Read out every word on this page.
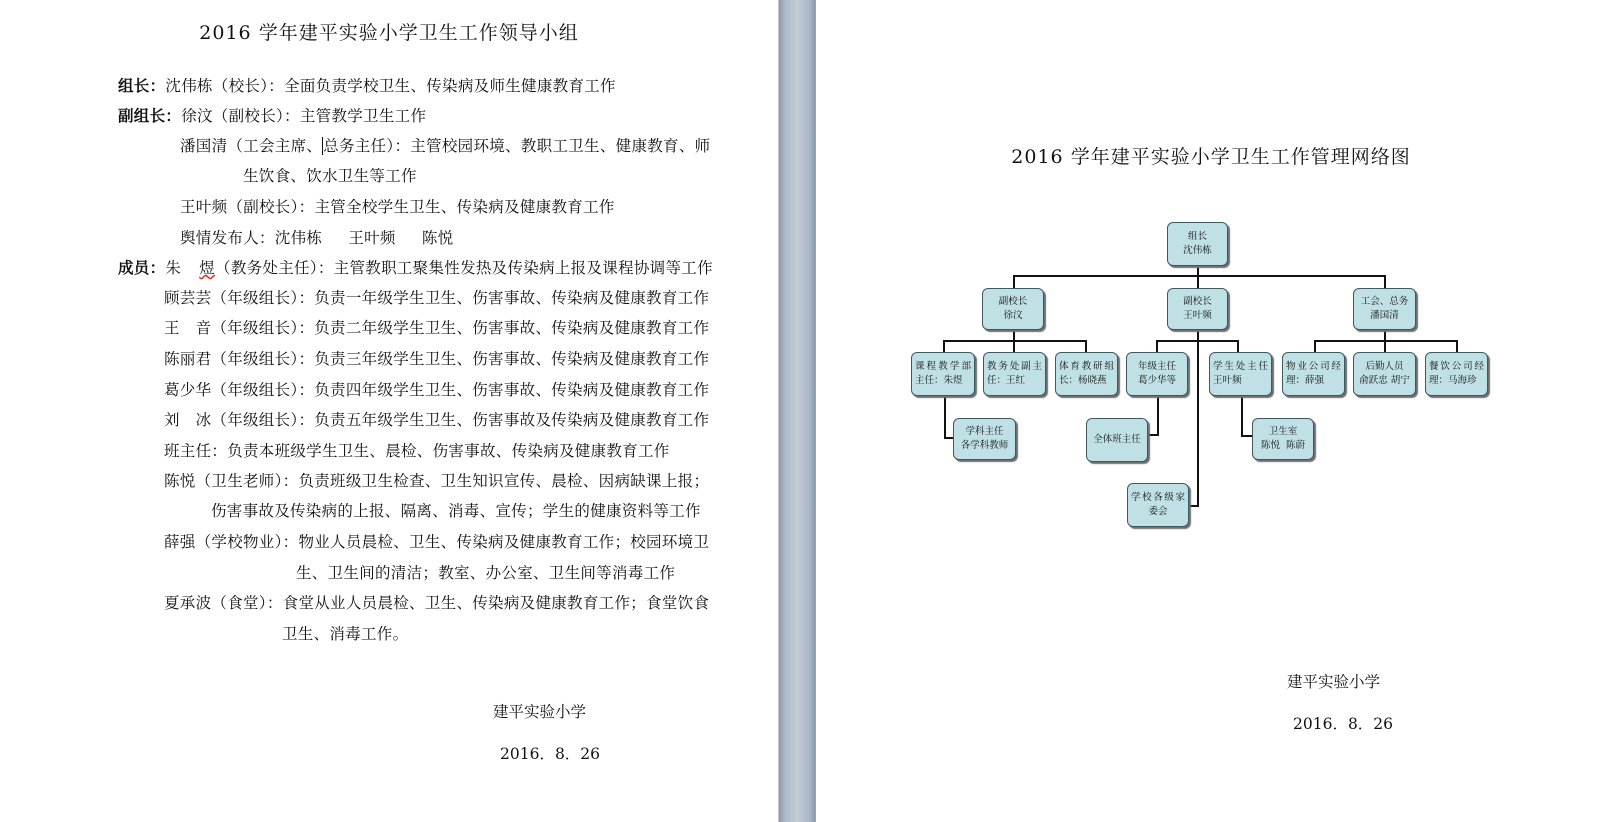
2016 学年建平实验小学卫生工作领导小组
组长：沈伟栋（校长）：全面负责学校卫生、传染病及师生健康教育工作
副组长：徐汶（副校长）：主管教学卫生工作
潘国清（工会主席、总务主任）：主管校园环境、教职工卫生、健康教育、师
生饮食、饮水卫生等工作
王叶频（副校长）：主管全校学生卫生、传染病及健康教育工作
舆情发布人：沈伟栋     王叶频     陈悦
成员：朱 煜（教务处主任）：主管教职工聚集性发热及传染病上报及课程协调等工作
顾芸芸（年级组长）：负责一年级学生卫生、伤害事故、传染病及健康教育工作
王　音（年级组长）：负责二年级学生卫生、伤害事故、传染病及健康教育工作
陈丽君（年级组长）：负责三年级学生卫生、伤害事故、传染病及健康教育工作
葛少华（年级组长）：负责四年级学生卫生、伤害事故、传染病及健康教育工作
刘　冰（年级组长）：负责五年级学生卫生、伤害事故及传染病及健康教育工作
班主任：负责本班级学生卫生、晨检、伤害事故、传染病及健康教育工作
陈悦（卫生老师）：负责班级卫生检查、卫生知识宣传、晨检、因病缺课上报；
伤害事故及传染病的上报、隔离、消毒、宣传；学生的健康资料等工作
薛强（学校物业）：物业人员晨检、卫生、传染病及健康教育工作；校园环境卫
生、卫生间的清洁；教室、办公室、卫生间等消毒工作
夏承波（食堂）：食堂从业人员晨检、卫生、传染病及健康教育工作；食堂饮食
卫生、消毒工作。
建平实验小学
2016．8．26
2016 学年建平实验小学卫生工作管理网络图
组长
沈伟栋
副校长
徐汶
副校长
王叶频
工会、总务
潘国清
课程教学部
主任：朱煜
教务处副主
任：王红
体育教研组
长：杨晓燕
年级主任
葛少华等
学生处主任
王叶频
物业公司经
理：薛强
后勤人员
俞跃忠 胡宁
餐饮公司经
理：马海珍
学科主任
各学科教师
全体班主任
卫生室
陈悦  陈蔚
学校各级家
委会
建平实验小学
2016．8．26
